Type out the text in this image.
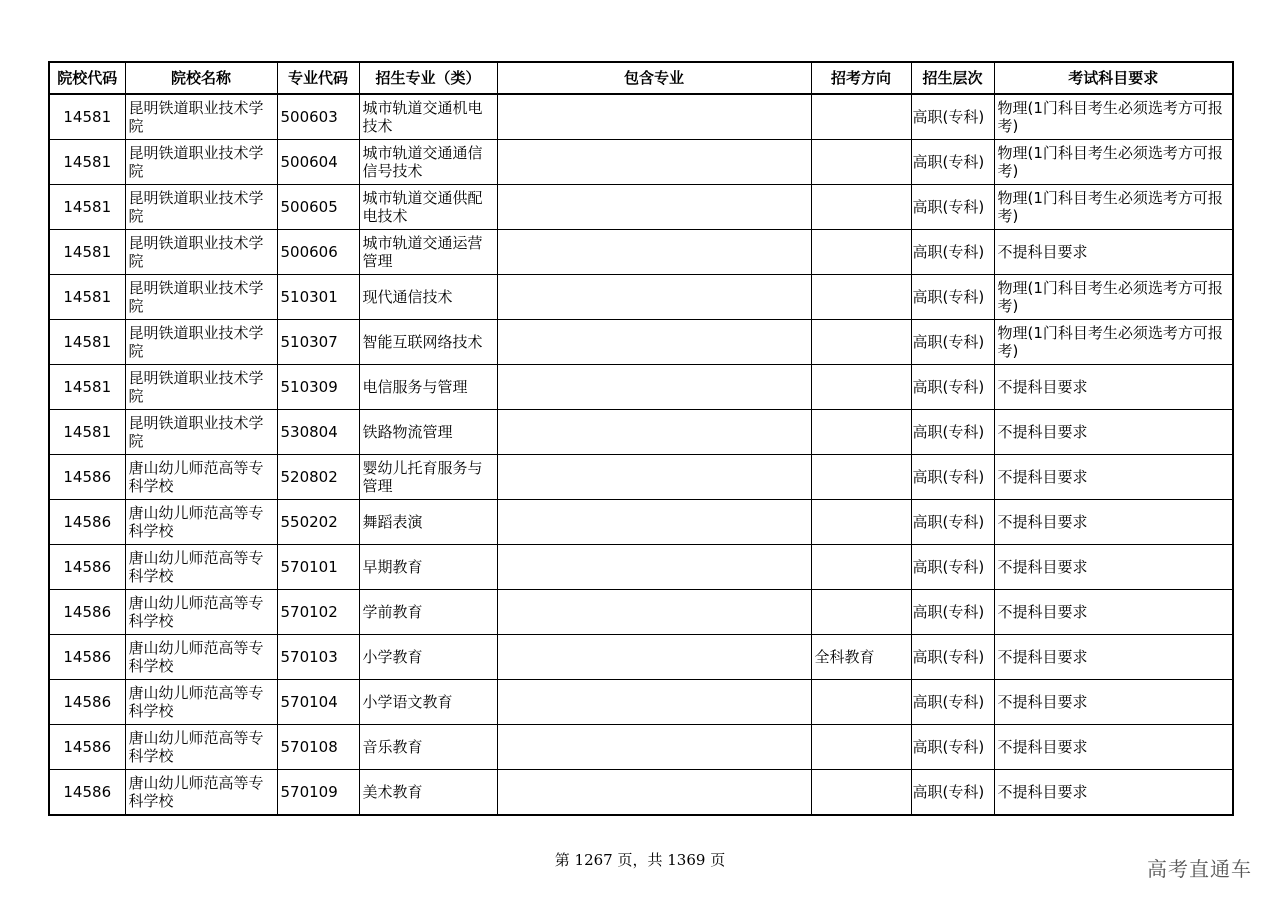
院校代码	院校名称	专业代码	招生专业（类）	包含专业	招考方向	招生层次	考试科目要求
14581	昆明铁道职业技术学院	500603	城市轨道交通机电技术			高职(专科)	物理(1门科目考生必须选考方可报考)
14581	昆明铁道职业技术学院	500604	城市轨道交通通信信号技术			高职(专科)	物理(1门科目考生必须选考方可报考)
14581	昆明铁道职业技术学院	500605	城市轨道交通供配电技术			高职(专科)	物理(1门科目考生必须选考方可报考)
14581	昆明铁道职业技术学院	500606	城市轨道交通运营管理			高职(专科)	不提科目要求
14581	昆明铁道职业技术学院	510301	现代通信技术			高职(专科)	物理(1门科目考生必须选考方可报考)
14581	昆明铁道职业技术学院	510307	智能互联网络技术			高职(专科)	物理(1门科目考生必须选考方可报考)
14581	昆明铁道职业技术学院	510309	电信服务与管理			高职(专科)	不提科目要求
14581	昆明铁道职业技术学院	530804	铁路物流管理			高职(专科)	不提科目要求
14586	唐山幼儿师范高等专科学校	520802	婴幼儿托育服务与管理			高职(专科)	不提科目要求
14586	唐山幼儿师范高等专科学校	550202	舞蹈表演			高职(专科)	不提科目要求
14586	唐山幼儿师范高等专科学校	570101	早期教育			高职(专科)	不提科目要求
14586	唐山幼儿师范高等专科学校	570102	学前教育			高职(专科)	不提科目要求
14586	唐山幼儿师范高等专科学校	570103	小学教育		全科教育	高职(专科)	不提科目要求
14586	唐山幼儿师范高等专科学校	570104	小学语文教育			高职(专科)	不提科目要求
14586	唐山幼儿师范高等专科学校	570108	音乐教育			高职(专科)	不提科目要求
14586	唐山幼儿师范高等专科学校	570109	美术教育			高职(专科)	不提科目要求
第 1267 页，共 1369 页	高考直通车
